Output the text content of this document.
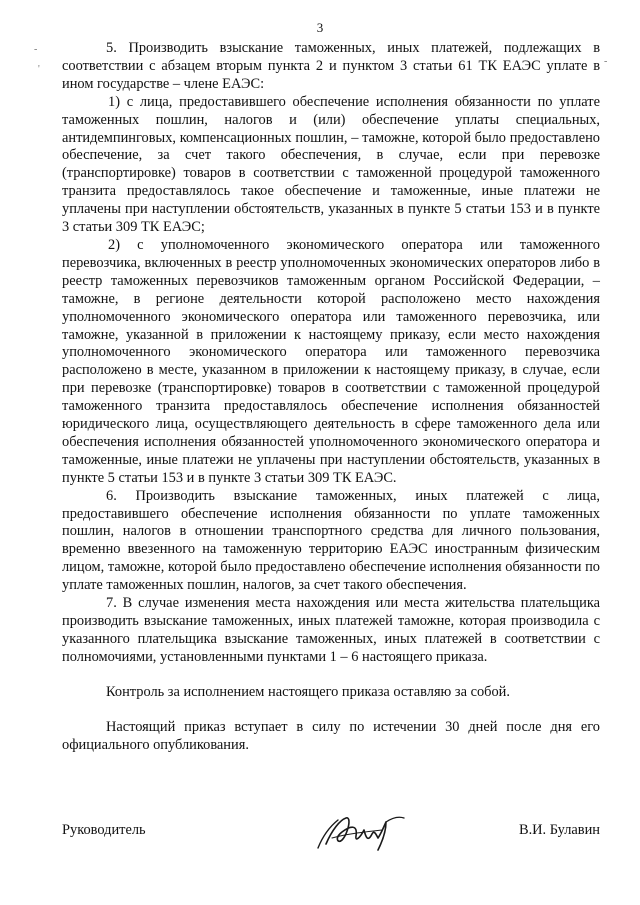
3
-
'
-

5. Производить взыскание таможенных, иных платежей, подлежащих в соответствии с абзацем вторым пункта 2 и пунктом 3 статьи 61 ТК ЕАЭС уплате в ином государстве – члене ЕАЭС:

1) с лица, предоставившего обеспечение исполнения обязанности по уплате таможенных пошлин, налогов и (или) обеспечение уплаты специальных, антидемпинговых, компенсационных пошлин, – таможне, которой было предоставлено обеспечение, за счет такого обеспечения, в случае, если при перевозке (транспортировке) товаров в соответствии с таможенной процедурой таможенного транзита предоставлялось такое обеспечение и таможенные, иные платежи не уплачены при наступлении обстоятельств, указанных в пункте 5 статьи 153 и в пункте 3 статьи 309 ТК ЕАЭС;

2) с уполномоченного экономического оператора или таможенного перевозчика, включенных в реестр уполномоченных экономических операторов либо в реестр таможенных перевозчиков таможенным органом Российской Федерации, – таможне, в регионе деятельности которой расположено место нахождения уполномоченного экономического оператора или таможенного перевозчика, или таможне, указанной в приложении к настоящему приказу, если место нахождения уполномоченного экономического оператора или таможенного перевозчика расположено в месте, указанном в приложении к настоящему приказу, в случае, если при перевозке (транспортировке) товаров в соответствии с таможенной процедурой таможенного транзита предоставлялось обеспечение исполнения обязанностей юридического лица, осуществляющего деятельность в сфере таможенного дела или обеспечения исполнения обязанностей уполномоченного экономического оператора и таможенные, иные платежи не уплачены при наступлении обстоятельств, указанных в пункте 5 статьи 153 и в пункте 3 статьи 309 ТК ЕАЭС.

6. Производить взыскание таможенных, иных платежей с лица, предоставившего обеспечение исполнения обязанности по уплате таможенных пошлин, налогов в отношении транспортного средства для личного пользования, временно ввезенного на таможенную территорию ЕАЭС иностранным физическим лицом, таможне, которой было предоставлено обеспечение исполнения обязанности по уплате таможенных пошлин, налогов, за счет такого обеспечения.

7. В случае изменения места нахождения или места жительства плательщика производить взыскание таможенных, иных платежей таможне, которая производила с указанного плательщика взыскание таможенных, иных платежей в соответствии с полномочиями, установленными пунктами 1 – 6 настоящего приказа.

Контроль за исполнением настоящего приказа оставляю за собой.

Настоящий приказ вступает в силу по истечении 30 дней после дня его официального опубликования.

Руководитель	В.И. Булавин
